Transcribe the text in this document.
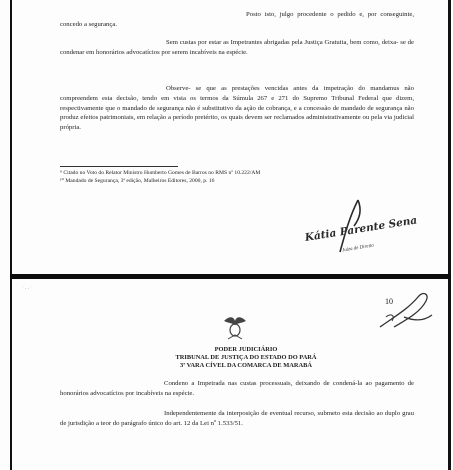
Posto isto, julgo procedente o pedido e, por conseguinte, concedo a segurança.

Sem custas por estar as Impetrantes abrigadas pela Justiça Gratuita, bem como, deixa- se de condenar em honorários advocatícios por serem incabíveis na espécie.

Observe- se que as prestações vencidas antes da impetração do mandamus não compreendem esta decisão, tendo em vista os termos da Súmula 267 e 271 do Supremo Tribunal Federal que dizem, respectivamente que o mandado de segurança não é substitutivo da ação de cobrança, e a concessão de mandado de segurança não produz efeitos patrimoniais, em relação a período pretérito, os quais devem ser reclamados administrativamente ou pela via judicial própria.

⁹ Citado no Voto do Relator Ministro Humberto Gomes de Barros no RMS nº 10.222/AM

¹⁰ Mandado de Segurança, 3ª edição, Malheiros Editores, 2000, p. 16

Kátia Parente Sena
Juíza de Direito
˙ · ·˙
10
PODER JUDICIÁRIO
TRIBUNAL DE JUSTIÇA DO ESTADO DO PARÁ
3ª VARA CÍVEL DA COMARCA DE MARABÁ

Condeno a Impetrada nas custas processuais, deixando de condená-la ao pagamento de honorários advocatícios por incabíveis na espécie.

Independentemente da interposição de eventual recurso, submeto esta decisão ao duplo grau de jurisdição a teor do parágrafo único do art. 12 da Lei nº 1.533/51.
